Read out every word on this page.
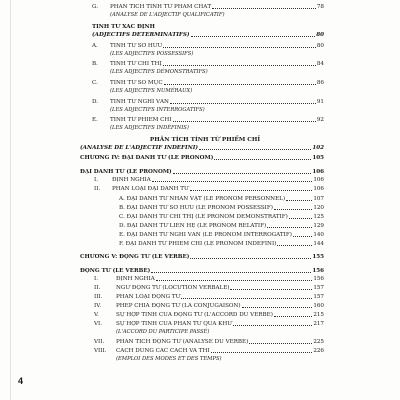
G.	PHÂN TÍCH TÍNH TỪ PHẨM CHẤT	78
(ANALYSE DE L'ADJECTIF QUALIFICATIF)
TÍNH TỪ XÁC ĐỊNH
(ADJECTIFS DÉTERMINATIFS)	80
A.	TÍNH TỪ SỞ HỮU	80
(LES ADJECTIFS POSSESSIFS)
B.	TÍNH TỪ CHỈ THỊ	84
(LES ADJECTIFS DÉMONSTRATIFS)
C.	TÍNH TỪ SỐ MỤC	86
(LES ADJECTIFS NUMÉRAUX)
D.	TÍNH TỪ NGHI VẤN	91
(LES ADJECTIFS INTERROGATIFS)
E.	TÍNH TỪ PHIẾM CHỈ	92
(LES ADJECTIFS INDÉFINIS)
PHÂN TÍCH TÍNH TỪ PHIẾM CHỈ
(ANALYSE DE L'ADJECTIF INDÉFINI)	102
CHƯƠNG IV: ĐẠI DANH TỪ (LE PRONOM)	105
ĐẠI DANH TỪ (LE PRONOM)	106
I.	ĐỊNH NGHĨA	106
II.	PHÂN LOẠI ĐẠI DANH TỪ	106
A. ĐẠI DANH TỪ NHÂN VẬT (LE PRONOM PERSONNEL)	107
B. ĐẠI DANH TỪ SỞ HỮU (LE PRONOM POSSESSIF)	120
C. ĐẠI DANH TỪ CHỈ THỊ (LE PRONOM DÉMONSTRATIF)	125
D. ĐẠI DANH TỪ LIÊN HỆ (LE PRONOM RELATIF)	129
E. ĐẠI DANH TỪ NGHI VẤN (LE PRONOM INTERROGATIF)	140
F. ĐẠI DANH TỪ PHIẾM CHỈ (LE PRONOM INDÉFINI)	144
CHƯƠNG V: ĐỘNG TỪ (LE VERBE)	155
ĐỘNG TỪ (LE VERBE)	156
I.	ĐỊNH NGHĨA	156
II.	NGỮ ĐỘNG TỪ (LOCUTION VERBALE)	157
III.	PHÂN LOẠI ĐỘNG TỪ	157
IV.	PHÉP CHIA ĐỘNG TỪ (LA CONJUGAISON)	160
V.	SỰ HỢP TÍNH CỦA ĐỘNG TỪ (L'ACCORD DU VERBE)	215
VI.	SỰ HỢP TÍNH CỦA PHÂN TỪ QUÁ KHỨ	217
(L'ACCORD DU PARTICIPE PASSÉ)
VII.	PHÂN TÍCH ĐỘNG TỪ (ANALYSE DU VERBE)	225
VIII.	CÁCH DÙNG CÁC CÁCH VÀ THÌ	226
(EMPLOI DES MODES ET DES TEMPS)
4
